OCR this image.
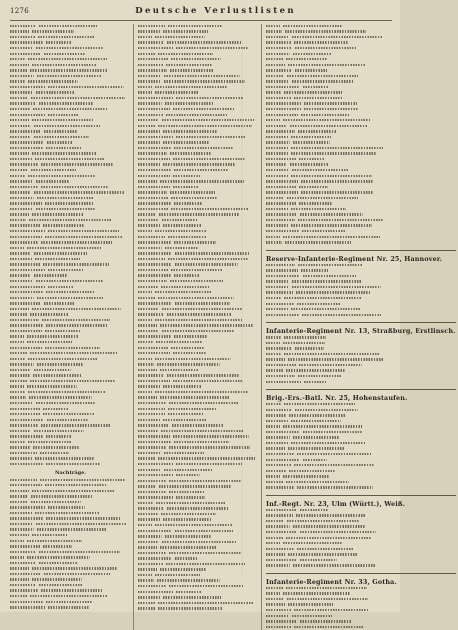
1276	Deutsche Verlustlisten
Nachträge.
Reserve-Infanterie-Regiment Nr. 25, Hannover.
Infanterie-Regiment Nr. 13, Straßburg, Erstlinsch.
Brig.-Ers.-Batl. Nr. 25, Hohenstaufen.
Inf.-Regt. Nr. 23, Ulm (Württ.), Weiß.
Infanterie-Regiment Nr. 33, Gotha.
